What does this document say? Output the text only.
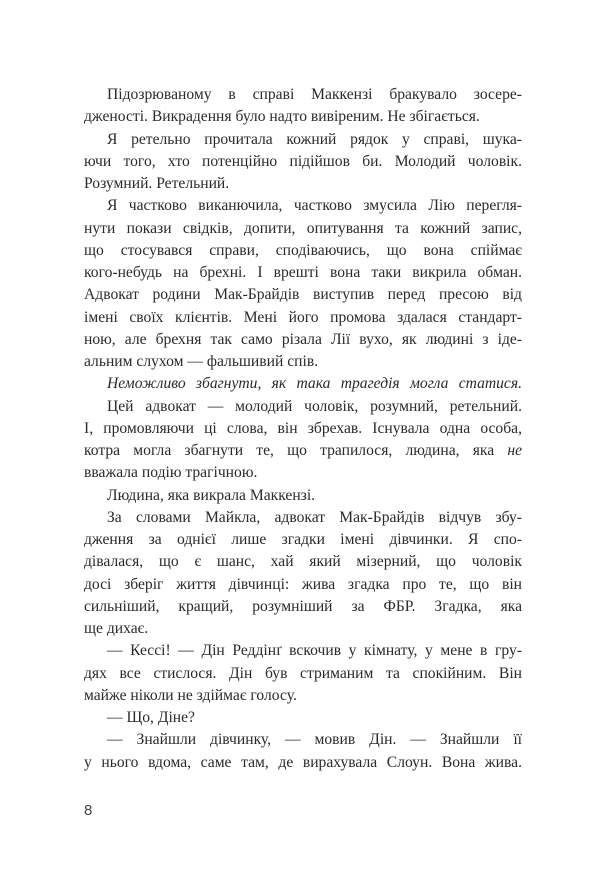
Підозрюваному в справі Маккензі бракувало зосере-
дженості. Викрадення було надто вивіреним. Не збігається.
Я ретельно прочитала кожний рядок у справі, шука-
ючи того, хто потенційно підійшов би. Молодий чоловік.
Розумний. Ретельний.
Я частково виканючила, частково змусила Лію перегля-
нути покази свідків, допити, опитування та кожний запис,
що стосувався справи, сподіваючись, що вона спіймає
кого-небудь на брехні. І врешті вона таки викрила обман.
Адвокат родини Мак-Брайдів виступив перед пресою від
імені своїх клієнтів. Мені його промова здалася стандарт-
ною, але брехня так само різала Лії вухо, як людині з іде-
альним слухом — фальшивий спів.
Неможливо збагнути, як така трагедія могла статися.
Цей адвокат — молодий чоловік, розумний, ретельний.
І, промовляючи ці слова, він збрехав. Існувала одна особа,
котра могла збагнути те, що трапилося, людина, яка не
вважала подію трагічною.
Людина, яка викрала Маккензі.
За словами Майкла, адвокат Мак-Брайдів відчув збу-
дження за однієї лише згадки імені дівчинки. Я спо-
дівалася, що є шанс, хай який мізерний, що чоловік
досі зберіг життя дівчинці: жива згадка про те, що він
сильніший, кращий, розумніший за ФБР. Згадка, яка
ще дихає.
— Кессі! — Дін Реддінґ вскочив у кімнату, у мене в гру-
дях все стислося. Дін був стриманим та спокійним. Він
майже ніколи не здіймає голосу.
— Що, Діне?
— Знайшли дівчинку, — мовив Дін. — Знайшли її
у нього вдома, саме там, де вирахувала Слоун. Вона жива.
8
